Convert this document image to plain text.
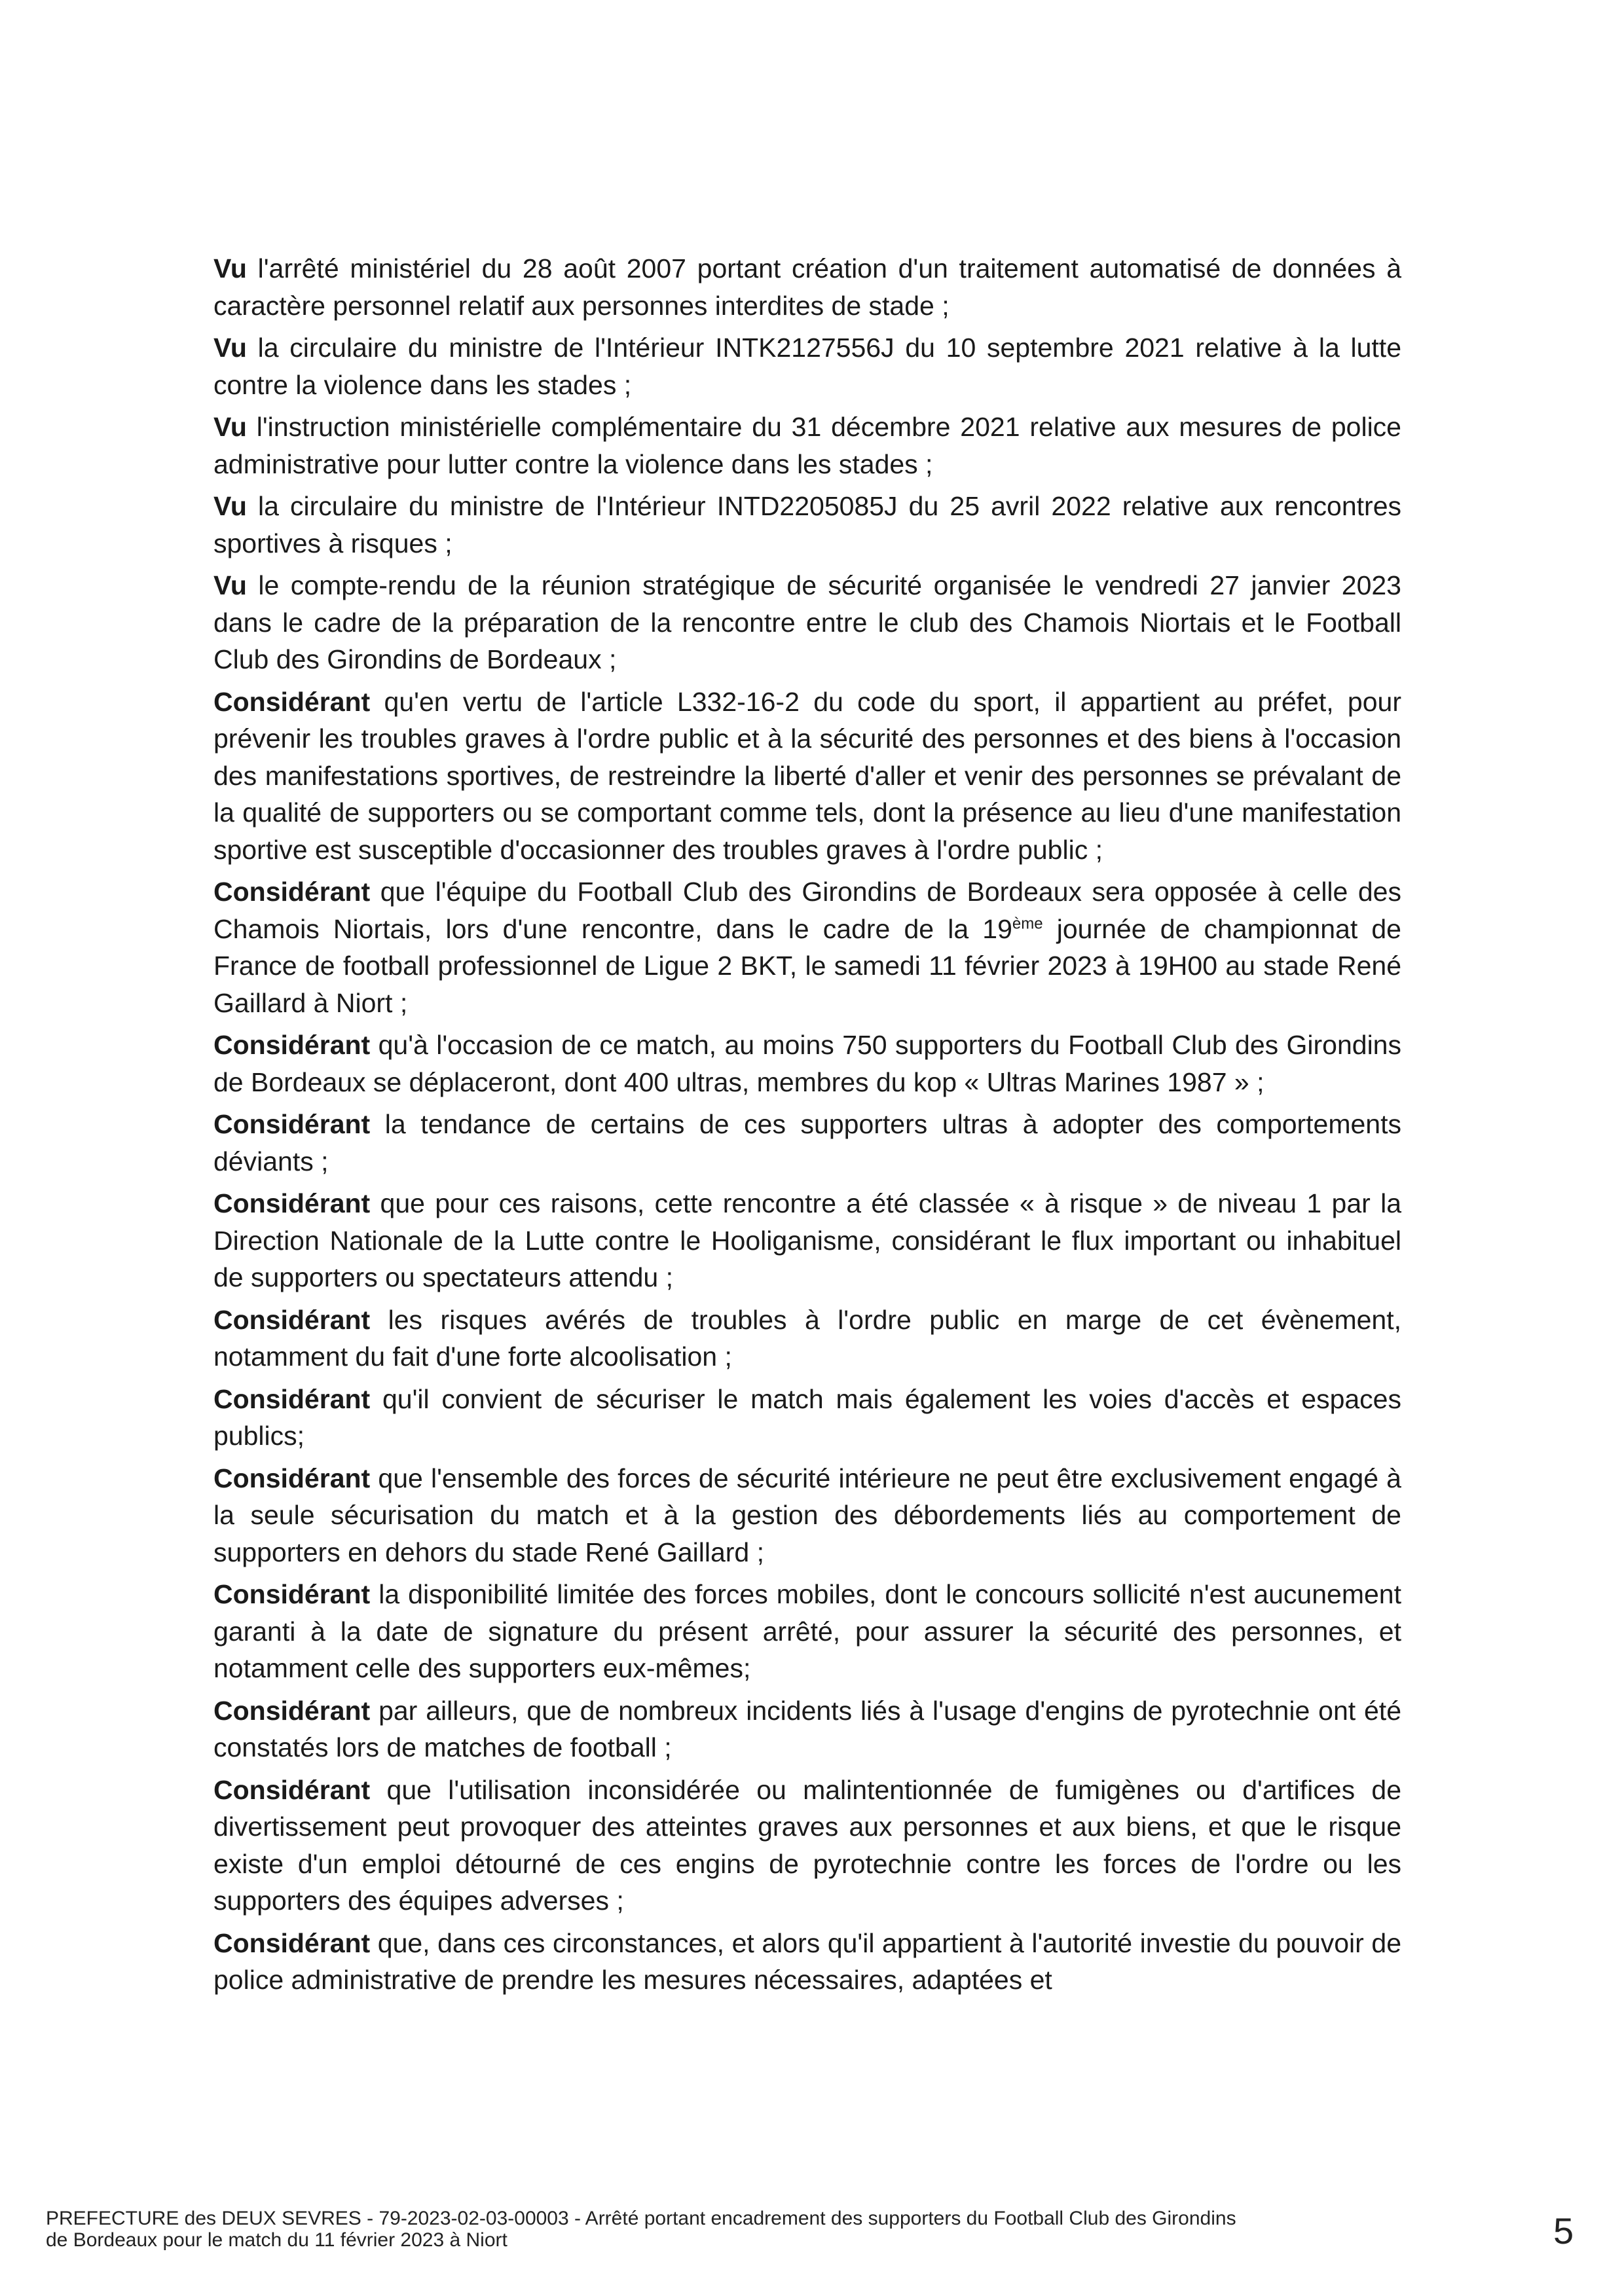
Vu l'arrêté ministériel du 28 août 2007 portant création d'un traitement automatisé de données à caractère personnel relatif aux personnes interdites de stade ;

Vu la circulaire du ministre de l'Intérieur INTK2127556J du 10 septembre 2021 relative à la lutte contre la violence dans les stades ;

Vu l'instruction ministérielle complémentaire du 31 décembre 2021 relative aux mesures de police administrative pour lutter contre la violence dans les stades ;

Vu la circulaire du ministre de l'Intérieur INTD2205085J du 25 avril 2022 relative aux rencontres sportives à risques ;

Vu le compte-rendu de la réunion stratégique de sécurité organisée le vendredi 27 janvier 2023 dans le cadre de la préparation de la rencontre entre le club des Chamois Niortais et le Football Club des Girondins de Bordeaux ;

Considérant qu'en vertu de l'article L332-16-2 du code du sport, il appartient au préfet, pour prévenir les troubles graves à l'ordre public et à la sécurité des personnes et des biens à l'occasion des manifestations sportives, de restreindre la liberté d'aller et venir des personnes se prévalant de la qualité de supporters ou se comportant comme tels, dont la présence au lieu d'une manifestation sportive est susceptible d'occasionner des troubles graves à l'ordre public ;

Considérant que l'équipe du Football Club des Girondins de Bordeaux sera opposée à celle des Chamois Niortais, lors d'une rencontre, dans le cadre de la 19ème journée de championnat de France de football professionnel de Ligue 2 BKT, le samedi 11 février 2023 à 19H00 au stade René Gaillard à Niort ;

Considérant qu'à l'occasion de ce match, au moins 750 supporters du Football Club des Girondins de Bordeaux se déplaceront, dont 400 ultras, membres du kop « Ultras Marines 1987 » ;

Considérant la tendance de certains de ces supporters ultras à adopter des comportements déviants ;

Considérant que pour ces raisons, cette rencontre a été classée « à risque » de niveau 1 par la Direction Nationale de la Lutte contre le Hooliganisme, considérant le flux important ou inhabituel de supporters ou spectateurs attendu ;

Considérant les risques avérés de troubles à l'ordre public en marge de cet évènement, notamment du fait d'une forte alcoolisation ;

Considérant qu'il convient de sécuriser le match mais également les voies d'accès et espaces publics;

Considérant que l'ensemble des forces de sécurité intérieure ne peut être exclusivement engagé à la seule sécurisation du match et à la gestion des débordements liés au comportement de supporters en dehors du stade René Gaillard ;

Considérant la disponibilité limitée des forces mobiles, dont le concours sollicité n'est aucunement garanti à la date de signature du présent arrêté, pour assurer la sécurité des personnes, et notamment celle des supporters eux-mêmes;

Considérant par ailleurs, que de nombreux incidents liés à l'usage d'engins de pyrotechnie ont été constatés lors de matches de football ;

Considérant que l'utilisation inconsidérée ou malintentionnée de fumigènes ou d'artifices de divertissement peut provoquer des atteintes graves aux personnes et aux biens, et que le risque existe d'un emploi détourné de ces engins de pyrotechnie contre les forces de l'ordre ou les supporters des équipes adverses ;

Considérant que, dans ces circonstances, et alors qu'il appartient à l'autorité investie du pouvoir de police administrative de prendre les mesures nécessaires, adaptées et

PREFECTURE des DEUX SEVRES - 79-2023-02-03-00003 - Arrêté portant encadrement des supporters du Football Club des Girondins
de Bordeaux pour le match du 11 février 2023 à Niort	5
